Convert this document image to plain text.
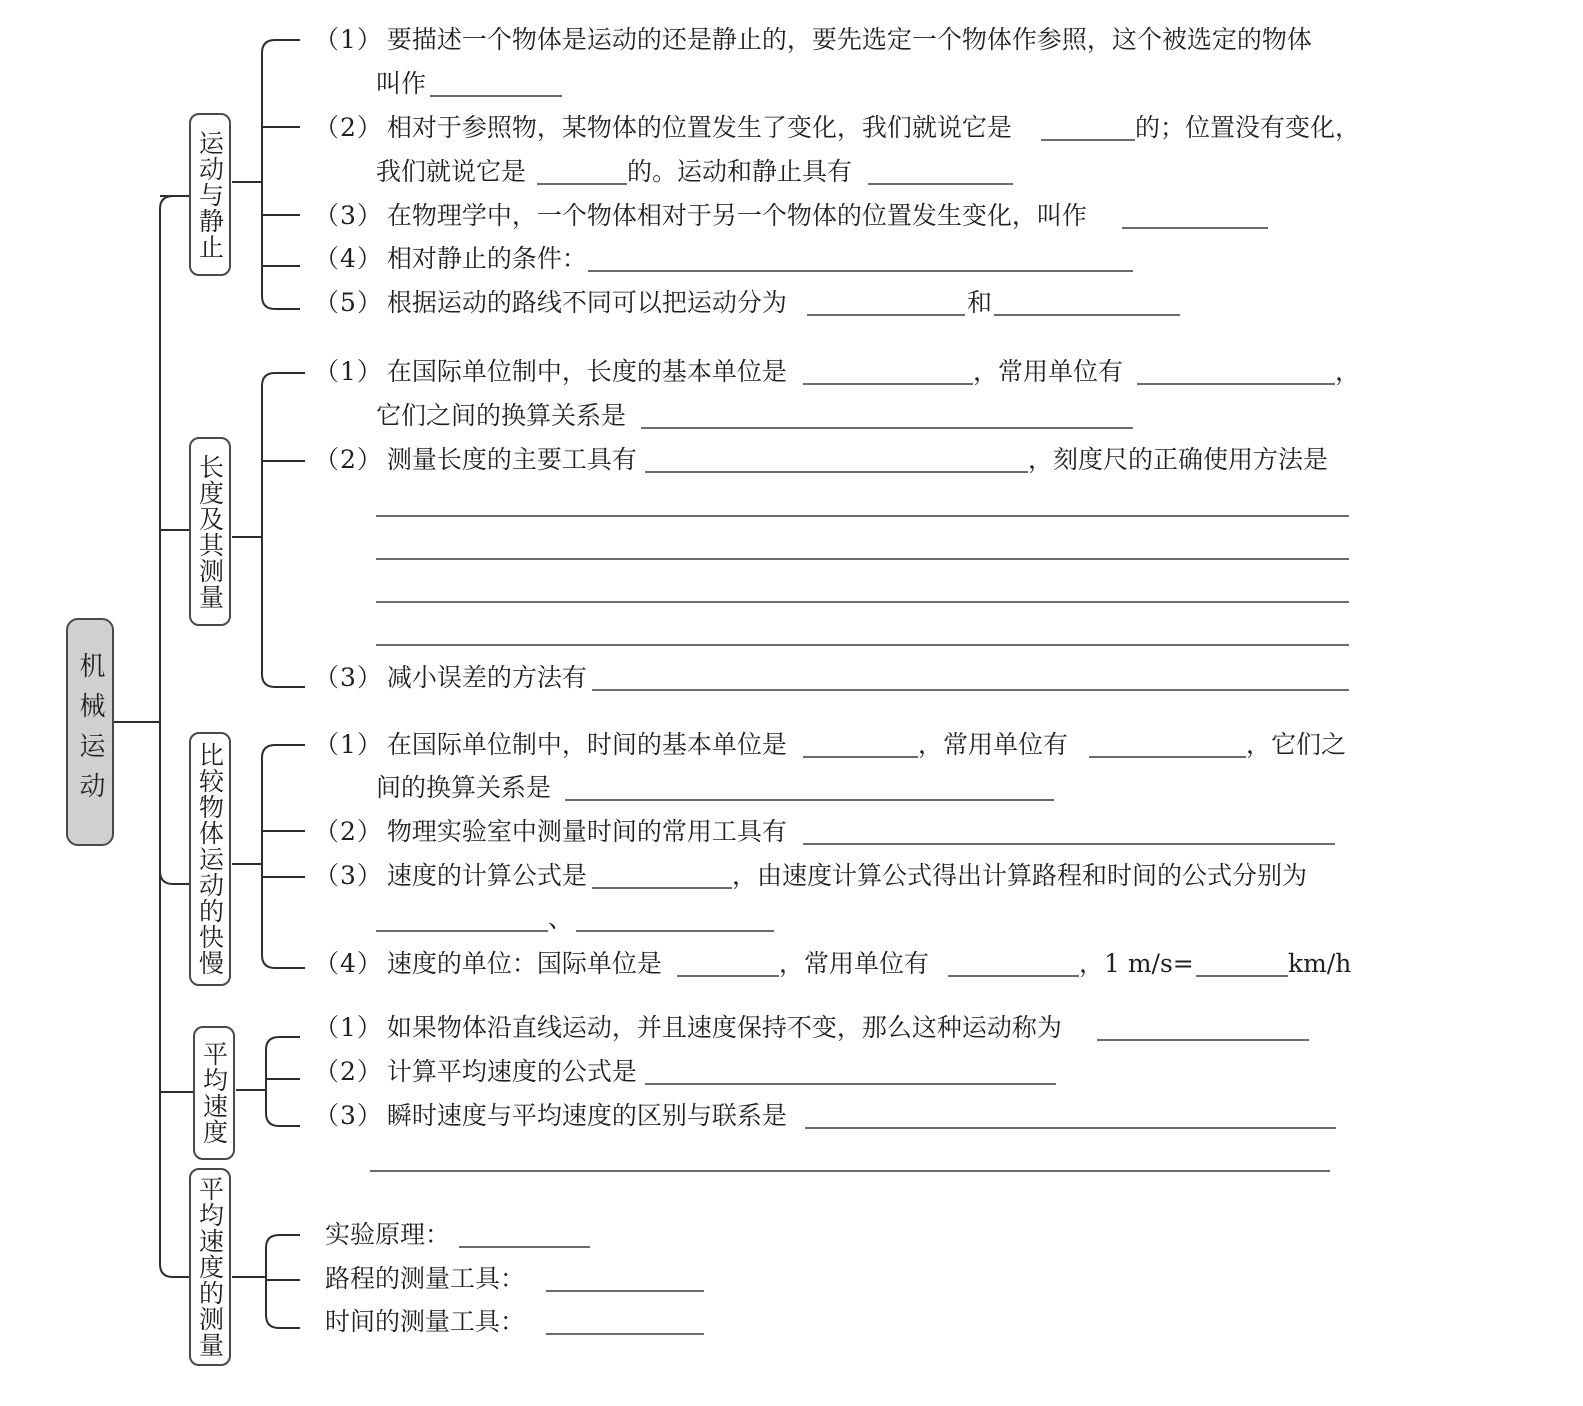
机械运动
运动与静止
长度及其测量
比较物体运动的快慢
平均速度
平均速度的测量
（1） 要描述一个物体是运动的还是静止的，要先选定一个物体作参照，这个被选定的物体
叫作
（2） 相对于参照物，某物体的位置发生了变化，我们就说它是	的；位置没有变化，
我们就说它是	的。运动和静止具有
（3） 在物理学中，一个物体相对于另一个物体的位置发生变化，叫作
（4） 相对静止的条件：
（5） 根据运动的路线不同可以把运动分为	和
（1） 在国际单位制中，长度的基本单位是	，常用单位有	，
它们之间的换算关系是
（2） 测量长度的主要工具有	，刻度尺的正确使用方法是
（3） 减小误差的方法有
（1） 在国际单位制中，时间的基本单位是	，常用单位有	，它们之
间的换算关系是
（2） 物理实验室中测量时间的常用工具有
（3） 速度的计算公式是	，由速度计算公式得出计算路程和时间的公式分别为
、
（4） 速度的单位：国际单位是	，常用单位有	，1 m/s=	km/h
（1） 如果物体沿直线运动，并且速度保持不变，那么这种运动称为
（2） 计算平均速度的公式是
（3） 瞬时速度与平均速度的区别与联系是
实验原理：
路程的测量工具：
时间的测量工具：
